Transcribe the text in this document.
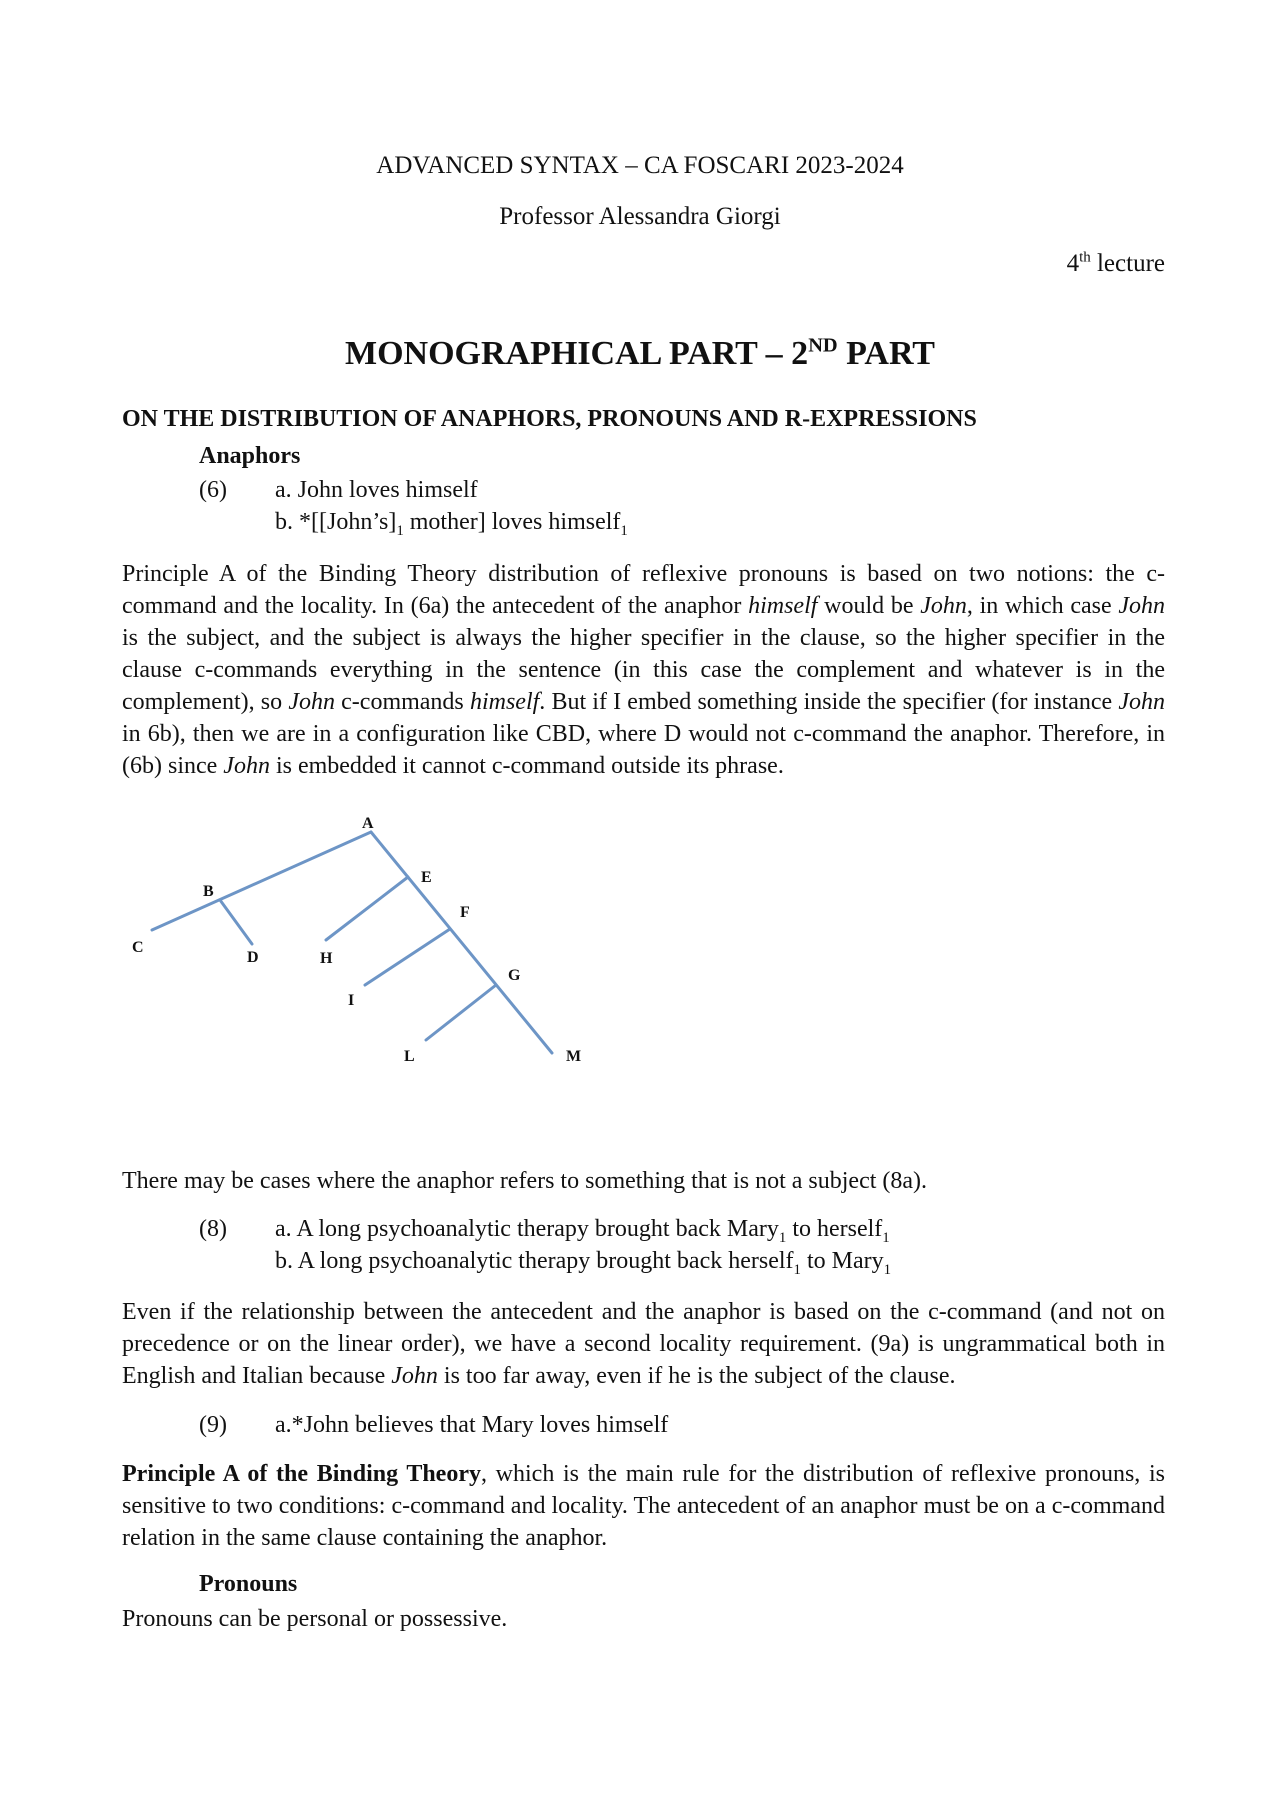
ADVANCED SYNTAX – CA FOSCARI 2023-2024

Professor Alessandra Giorgi

4th lecture

MONOGRAPHICAL PART – 2ND PART

ON THE DISTRIBUTION OF ANAPHORS, PRONOUNS AND R-EXPRESSIONS

Anaphors

(6) a. John loves himself

b. $*[[John’s]_1$ mother] loves himself$_1$

Principle A of the Binding Theory distribution of reflexive pronouns is based on two notions: the c-command and the locality. In (6a) the antecedent of the anaphor himself would be John, in which case John is the subject, and the subject is always the higher specifier in the clause, so the higher specifier in the clause c-commands everything in the sentence (in this case the complement and whatever is in the complement), so John c-commands himself. But if I embed something inside the specifier (for instance John in 6b), then we are in a configuration like CBD, where D would not c-command the anaphor. Therefore, in (6b) since John is embedded it cannot c-command outside its phrase.

A
B
C
D
E
F
G
H
I
L	M

There may be cases where the anaphor refers to something that is not a subject (8a).

(8) a. A long psychoanalytic therapy brought back Mary$_1$ to herself$_1$

b. A long psychoanalytic therapy brought back herself$_1$ to Mary$_1$

Even if the relationship between the antecedent and the anaphor is based on the c-command (and not on precedence or on the linear order), we have a second locality requirement. (9a) is ungrammatical both in English and Italian because John is too far away, even if he is the subject of the clause.

(9) a.*John believes that Mary loves himself

Principle A of the Binding Theory, which is the main rule for the distribution of reflexive pronouns, is sensitive to two conditions: c-command and locality. The antecedent of an anaphor must be on a c-command relation in the same clause containing the anaphor.

Pronouns

Pronouns can be personal or possessive.
